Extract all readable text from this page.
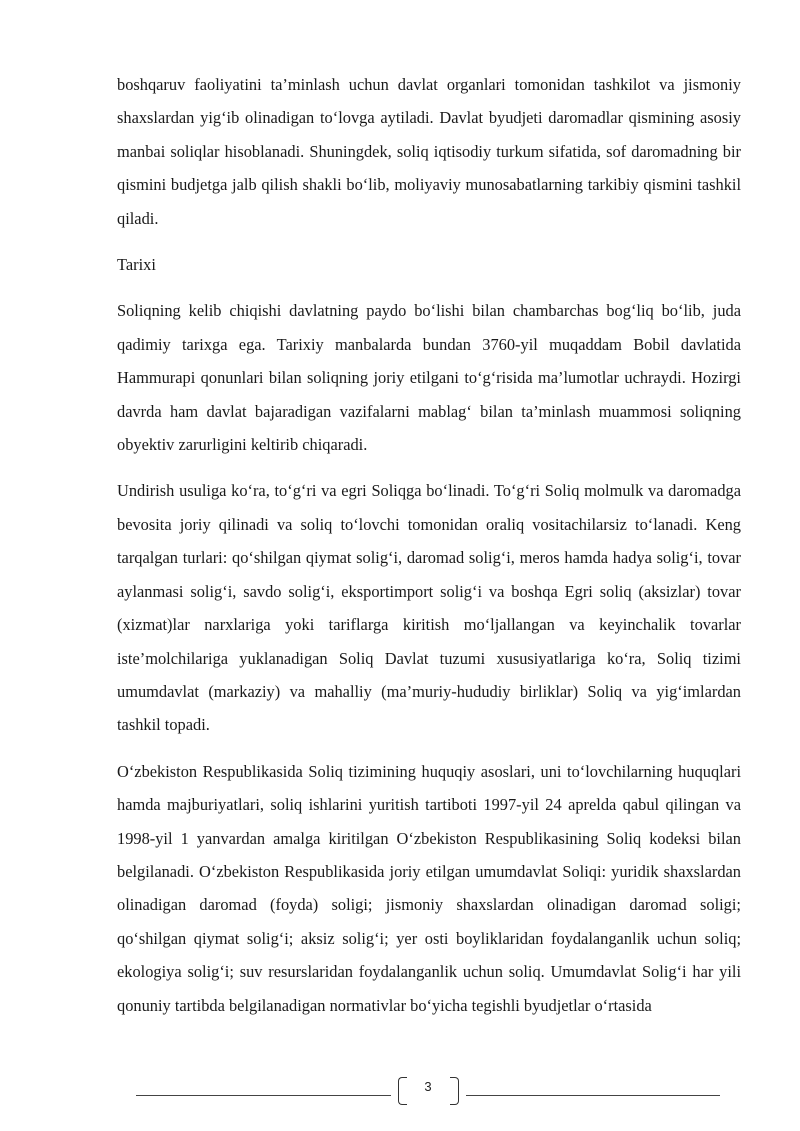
boshqaruv faoliyatini ta’minlash uchun davlat organlari tomonidan tashkilot va jismoniy shaxslardan yig‘ib olinadigan to‘lovga aytiladi. Davlat byudjeti daromadlar qismining asosiy manbai soliqlar hisoblanadi. Shuningdek, soliq iqtisodiy turkum sifatida, sof daromadning bir qismini budjetga jalb qilish shakli bo‘lib, moliyaviy munosabatlarning tarkibiy qismini tashkil qiladi.

Tarixi

Soliqning kelib chiqishi davlatning paydo bo‘lishi bilan chambarchas bog‘liq bo‘lib, juda qadimiy tarixga ega. Tarixiy manbalarda bundan 3760-yil muqaddam Bobil davlatida Hammurapi qonunlari bilan soliqning joriy etilgani to‘g‘risida ma’lumotlar uchraydi. Hozirgi davrda ham davlat bajaradigan vazifalarni mablag‘ bilan ta’minlash muammosi soliqning obyektiv zarurligini keltirib chiqaradi.

Undirish usuliga ko‘ra, to‘g‘ri va egri Soliqga bo‘linadi. To‘g‘ri Soliq molmulk va daromadga bevosita joriy qilinadi va soliq to‘lovchi tomonidan oraliq vositachilarsiz to‘lanadi. Keng tarqalgan turlari: qo‘shilgan qiymat solig‘i, daromad solig‘i, meros hamda hadya solig‘i, tovar aylanmasi solig‘i, savdo solig‘i, eksportimport solig‘i va boshqa Egri soliq (aksizlar) tovar (xizmat)lar narxlariga yoki tariflarga kiritish mo‘ljallangan va keyinchalik tovarlar iste’molchilariga yuklanadigan Soliq Davlat tuzumi xususiyatlariga ko‘ra, Soliq tizimi umumdavlat (markaziy) va mahalliy (ma’muriy-hududiy birliklar) Soliq va yig‘imlardan tashkil topadi.

O‘zbekiston Respublikasida Soliq tizimining huquqiy asoslari, uni to‘lovchilarning huquqlari hamda majburiyatlari, soliq ishlarini yuritish tartiboti 1997-yil 24 aprelda qabul qilingan va 1998-yil 1 yanvardan amalga kiritilgan O‘zbekiston Respublikasining Soliq kodeksi bilan belgilanadi. O‘zbekiston Respublikasida joriy etilgan umumdavlat Soliqi: yuridik shaxslardan olinadigan daromad (foyda) soligi; jismoniy shaxslardan olinadigan daromad soligi; qo‘shilgan qiymat solig‘i; aksiz solig‘i; yer osti boyliklaridan foydalanganlik uchun soliq; ekologiya solig‘i; suv resurslaridan foydalanganlik uchun soliq. Umumdavlat Solig‘i har yili qonuniy tartibda belgilanadigan normativlar bo‘yicha tegishli byudjetlar o‘rtasida

3
